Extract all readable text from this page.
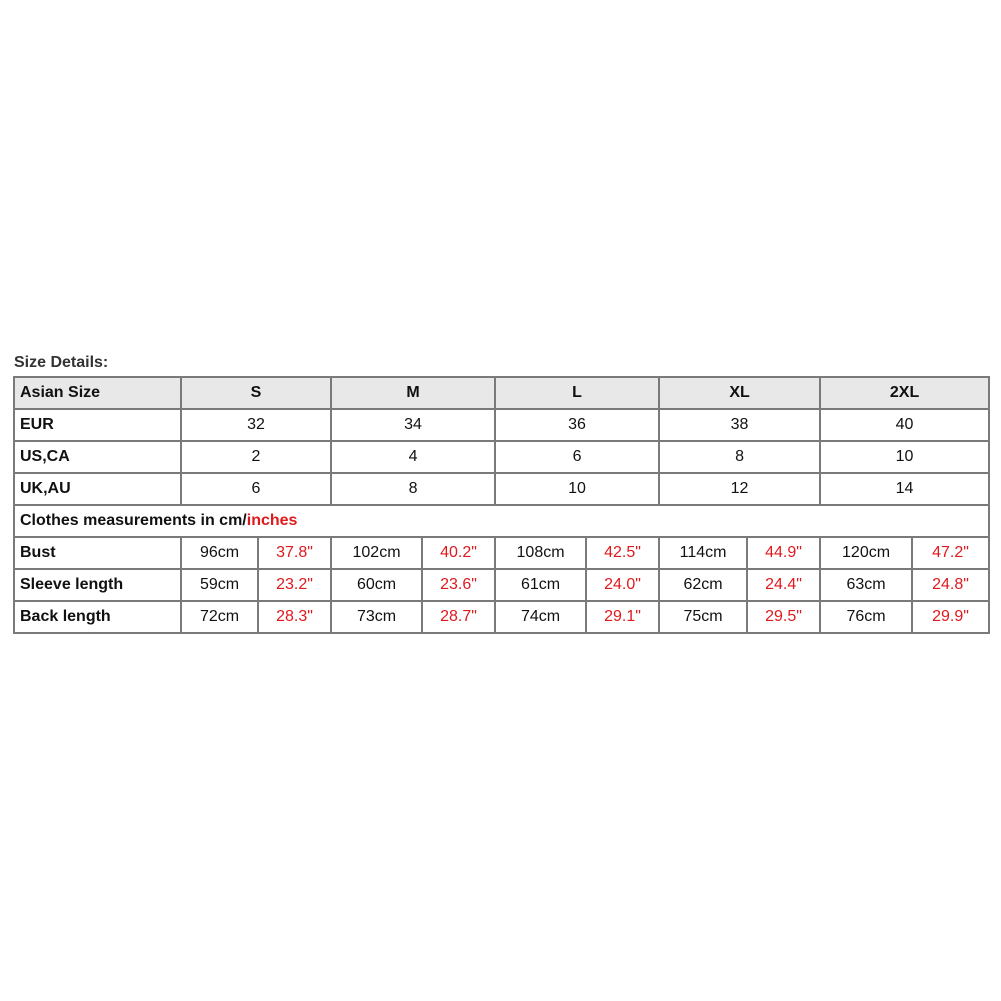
Size Details:
Asian Size	S		M		L		XL		2XL	
EUR	32		34		36		38		40	
US,CA	2		4		6		8		10	
UK,AU	6		8		10		12		14	
Clothes measurements in cm/inches										
Bust	96cm	37.8"	102cm	40.2"	108cm	42.5"	114cm	44.9"	120cm	47.2"
Sleeve length	59cm	23.2"	60cm	23.6"	61cm	24.0"	62cm	24.4"	63cm	24.8"
Back length	72cm	28.3"	73cm	28.7"	74cm	29.1"	75cm	29.5"	76cm	29.9"
